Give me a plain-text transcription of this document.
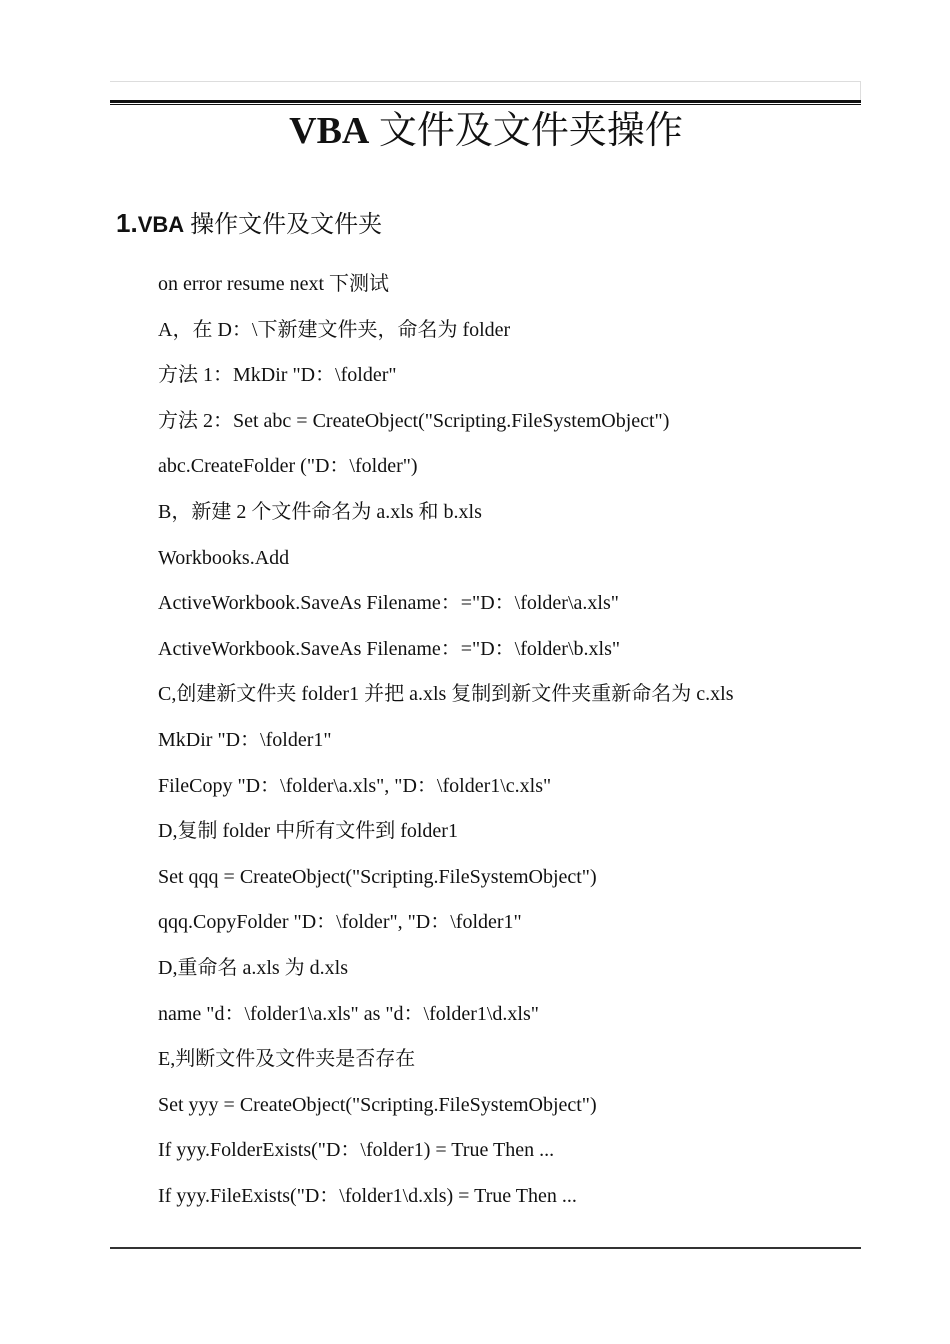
VBA 文件及文件夹操作
1.VBA 操作文件及文件夹
on error resume next 下测试
A，在 D：\下新建文件夹，命名为 folder
方法 1：MkDir "D：\folder"
方法 2：Set abc = CreateObject("Scripting.FileSystemObject")
abc.CreateFolder ("D：\folder")
B，新建 2 个文件命名为 a.xls 和 b.xls
Workbooks.Add
ActiveWorkbook.SaveAs Filename：="D：\folder\a.xls"
ActiveWorkbook.SaveAs Filename：="D：\folder\b.xls"
C,创建新文件夹 folder1 并把 a.xls 复制到新文件夹重新命名为 c.xls
MkDir "D：\folder1"
FileCopy "D：\folder\a.xls", "D：\folder1\c.xls"
D,复制 folder 中所有文件到 folder1
Set qqq = CreateObject("Scripting.FileSystemObject")
qqq.CopyFolder "D：\folder", "D：\folder1"
D,重命名 a.xls 为 d.xls
name "d：\folder1\a.xls" as "d：\folder1\d.xls"
E,判断文件及文件夹是否存在
Set yyy = CreateObject("Scripting.FileSystemObject")
If yyy.FolderExists("D：\folder1) = True Then ...
If yyy.FileExists("D：\folder1\d.xls) = True Then ...
